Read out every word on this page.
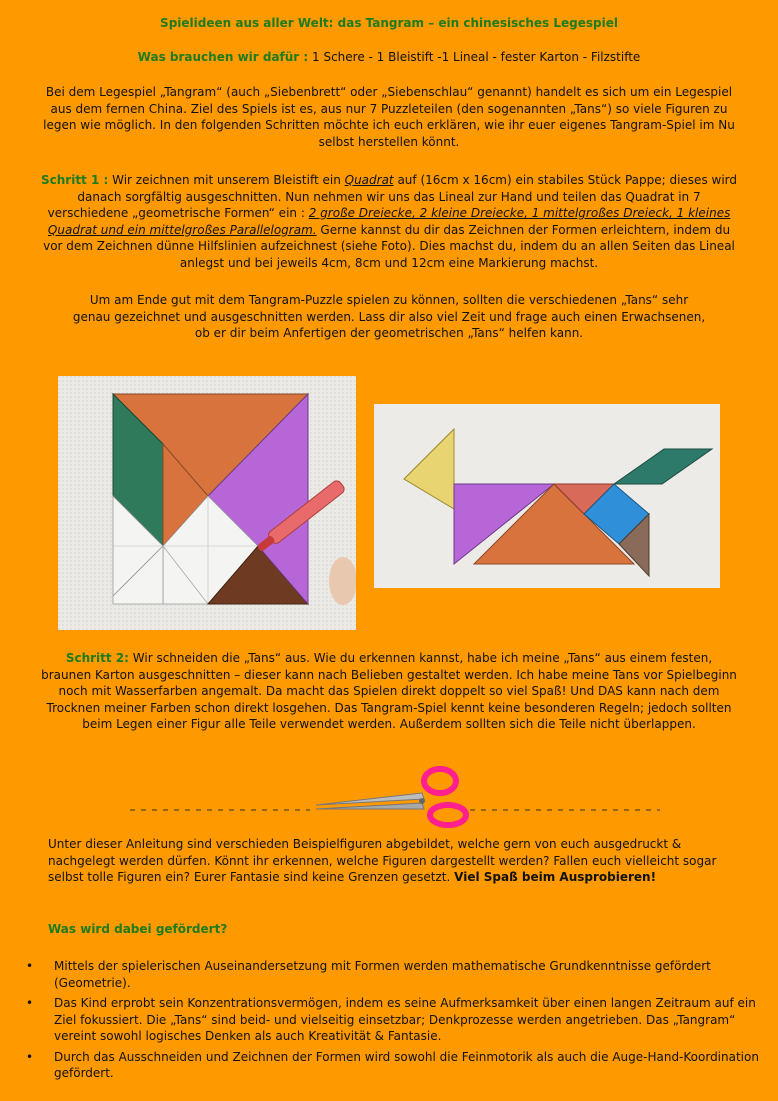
Spielideen aus aller Welt: das Tangram – ein chinesisches Legespiel
Was brauchen wir dafür : 1 Schere - 1 Bleistift -1 Lineal - fester Karton - Filzstifte
Bei dem Legespiel „Tangram“ (auch „Siebenbrett“ oder „Siebenschlau“ genannt) handelt es sich um ein Legespiel aus dem fernen China. Ziel des Spiels ist es, aus nur 7 Puzzleteilen (den sogenannten „Tans“) so viele Figuren zu legen wie möglich. In den folgenden Schritten möchte ich euch erklären, wie ihr euer eigenes Tangram-Spiel im Nu selbst herstellen könnt.
Schritt 1 : Wir zeichnen mit unserem Bleistift ein Quadrat auf (16cm x 16cm) ein stabiles Stück Pappe; dieses wird danach sorgfältig ausgeschnitten. Nun nehmen wir uns das Lineal zur Hand und teilen das Quadrat in 7 verschiedene „geometrische Formen“ ein : 2 große Dreiecke, 2 kleine Dreiecke, 1 mittelgroßes Dreieck, 1 kleines Quadrat und ein mittelgroßes Parallelogram. Gerne kannst du dir das Zeichnen der Formen erleichtern, indem du vor dem Zeichnen dünne Hilfslinien aufzeichnest (siehe Foto). Dies machst du, indem du an allen Seiten das Lineal anlegst und bei jeweils 4cm, 8cm und 12cm eine Markierung machst.
Um am Ende gut mit dem Tangram-Puzzle spielen zu können, sollten die verschiedenen „Tans“ sehr genau gezeichnet und ausgeschnitten werden. Lass dir also viel Zeit und frage auch einen Erwachsenen, ob er dir beim Anfertigen der geometrischen „Tans“ helfen kann.
Schritt 2: Wir schneiden die „Tans“ aus. Wie du erkennen kannst, habe ich meine „Tans“ aus einem festen, braunen Karton ausgeschnitten – dieser kann nach Belieben gestaltet werden. Ich habe meine Tans vor Spielbeginn noch mit Wasserfarben angemalt. Da macht das Spielen direkt doppelt so viel Spaß! Und DAS kann nach dem Trocknen meiner Farben schon direkt losgehen. Das Tangram-Spiel kennt keine besonderen Regeln; jedoch sollten beim Legen einer Figur alle Teile verwendet werden. Außerdem sollten sich die Teile nicht überlappen.
Unter dieser Anleitung sind verschieden Beispielfiguren abgebildet, welche gern von euch ausgedruckt & nachgelegt werden dürfen. Könnt ihr erkennen, welche Figuren dargestellt werden? Fallen euch vielleicht sogar selbst tolle Figuren ein? Eurer Fantasie sind keine Grenzen gesetzt. Viel Spaß beim Ausprobieren!
Was wird dabei gefördert?
•	Mittels der spielerischen Auseinandersetzung mit Formen werden mathematische Grundkenntnisse gefördert (Geometrie).
•	Das Kind erprobt sein Konzentrationsvermögen, indem es seine Aufmerksamkeit über einen langen Zeitraum auf ein Ziel fokussiert. Die „Tans“ sind beid- und vielseitig einsetzbar; Denkprozesse werden angetrieben. Das „Tangram“ vereint sowohl logisches Denken als auch Kreativität & Fantasie.
•	Durch das Ausschneiden und Zeichnen der Formen wird sowohl die Feinmotorik als auch die Auge-Hand-Koordination gefördert.
